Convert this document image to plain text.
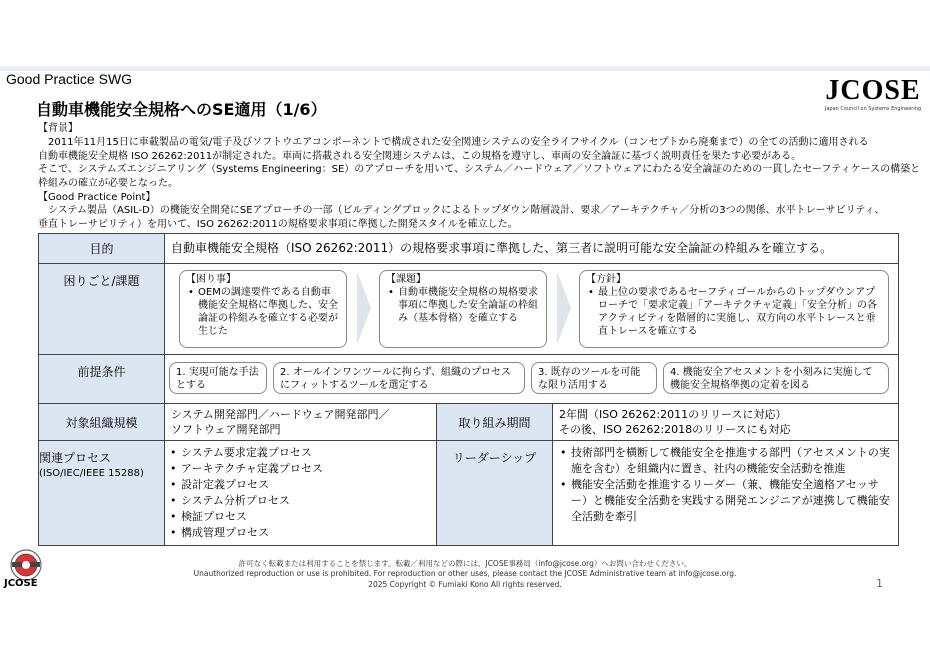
Good Practice SWG
自動車機能安全規格へのSE適用（1/6）
JCOSE
Japan Council on Systems Engineering
【背景】
2011年11月15日に車載製品の電気/電子及びソフトウエアコンポーネントで構成された安全関連システムの安全ライフサイクル（コンセプトから廃棄まで）の全ての活動に適用される
自動車機能安全規格 ISO 26262:2011が制定された。車両に搭載される安全関連システムは、この規格を遵守し、車両の安全論証に基づく説明責任を果たす必要がある。
そこで、システムズエンジニアリング（Systems Engineering：SE）のアプローチを用いて、システム／ハードウェア／ソフトウェアにわたる安全論証のための一貫したセーフティケースの構築と
枠組みの確立が必要となった。
【Good Practice Point】
システム製品（ASIL-D）の機能安全開発にSEアプローチの一部（ビルディングブロックによるトップダウン階層設計、要求／アーキテクチャ／分析の3つの関係、水平トレーサビリティ、
垂直トレーサビリティ）を用いて、ISO 26262:2011の規格要求事項に準拠した開発スタイルを確立した。
目的	自動車機能安全規格（ISO 26262:2011）の規格要求事項に準拠した、第三者に説明可能な安全論証の枠組みを確立する。
困りごと/課題	【困り事】
• OEMの調達要件である自動車機能安全規格に準拠した、安全論証の枠組みを確立する必要が生じた
【課題】
• 自動車機能安全規格の規格要求事項に準拠した安全論証の枠組み（基本骨格）を確立する
【方針】
• 最上位の要求であるセーフティゴールからのトップダウンアプローチで「要求定義」「アーキテクチャ定義」「安全分析」の各アクティビティを階層的に実施し、双方向の水平トレースと垂直トレースを確立する
前提条件	1. 実現可能な手法とする
2. オールインワンツールに拘らず、組織のプロセスにフィットするツールを選定する
3. 既存のツールを可能な限り活用する
4. 機能安全アセスメントを小刻みに実施して機能安全規格準拠の定着を図る
対象組織規模
システム開発部門／ハードウェア開発部門／
ソフトウェア開発部門	取り組み期間
2年間（ISO 26262:2011のリリースに対応）
その後、ISO 26262:2018のリリースにも対応
関連プロセス
(ISO/IEC/IEEE 15288)
• システム要求定義プロセス
• アーキテクチャ定義プロセス
• 設計定義プロセス
• システム分析プロセス
• 検証プロセス
• 構成管理プロセス
リーダーシップ
•	技術部門を横断して機能安全を推進する部門（アセスメントの実施を含む）を組織内に置き、社内の機能安全活動を推進
• 機能安全活動を推進するリーダー（兼、機能安全適格アセッサー）と機能安全活動を実践する開発エンジニアが連携して機能安全活動を牽引
JCOSE
許可なく転載または利用することを禁じます。転載／利用などの際には、JCOSE事務局（info@jcose.org）へお問い合わせください。
Unauthorized reproduction or use is prohibited. For reproduction or other uses, please contact the JCOSE Administrative team at info@jcose.org.
2025 Copyright © Fumiaki Kono All rights reserved.	1
